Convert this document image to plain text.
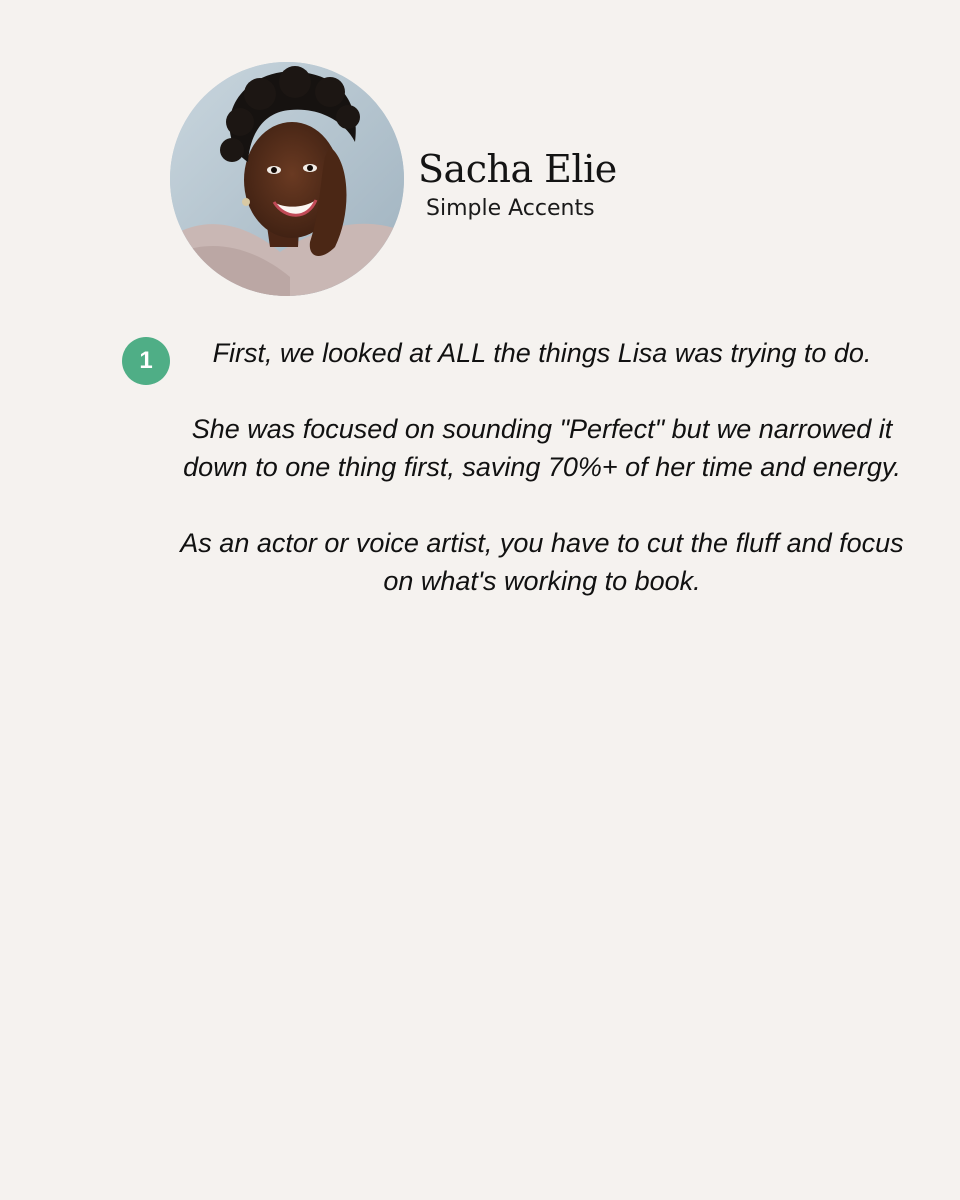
Sacha Elie
Simple Accents
1	First, we looked at ALL the things Lisa was trying to do.

She was focused on sounding "Perfect" but we narrowed it down to one thing first, saving 70%+ of her time and energy.

As an actor or voice artist, you have to cut the fluff and focus on what's working to book.
